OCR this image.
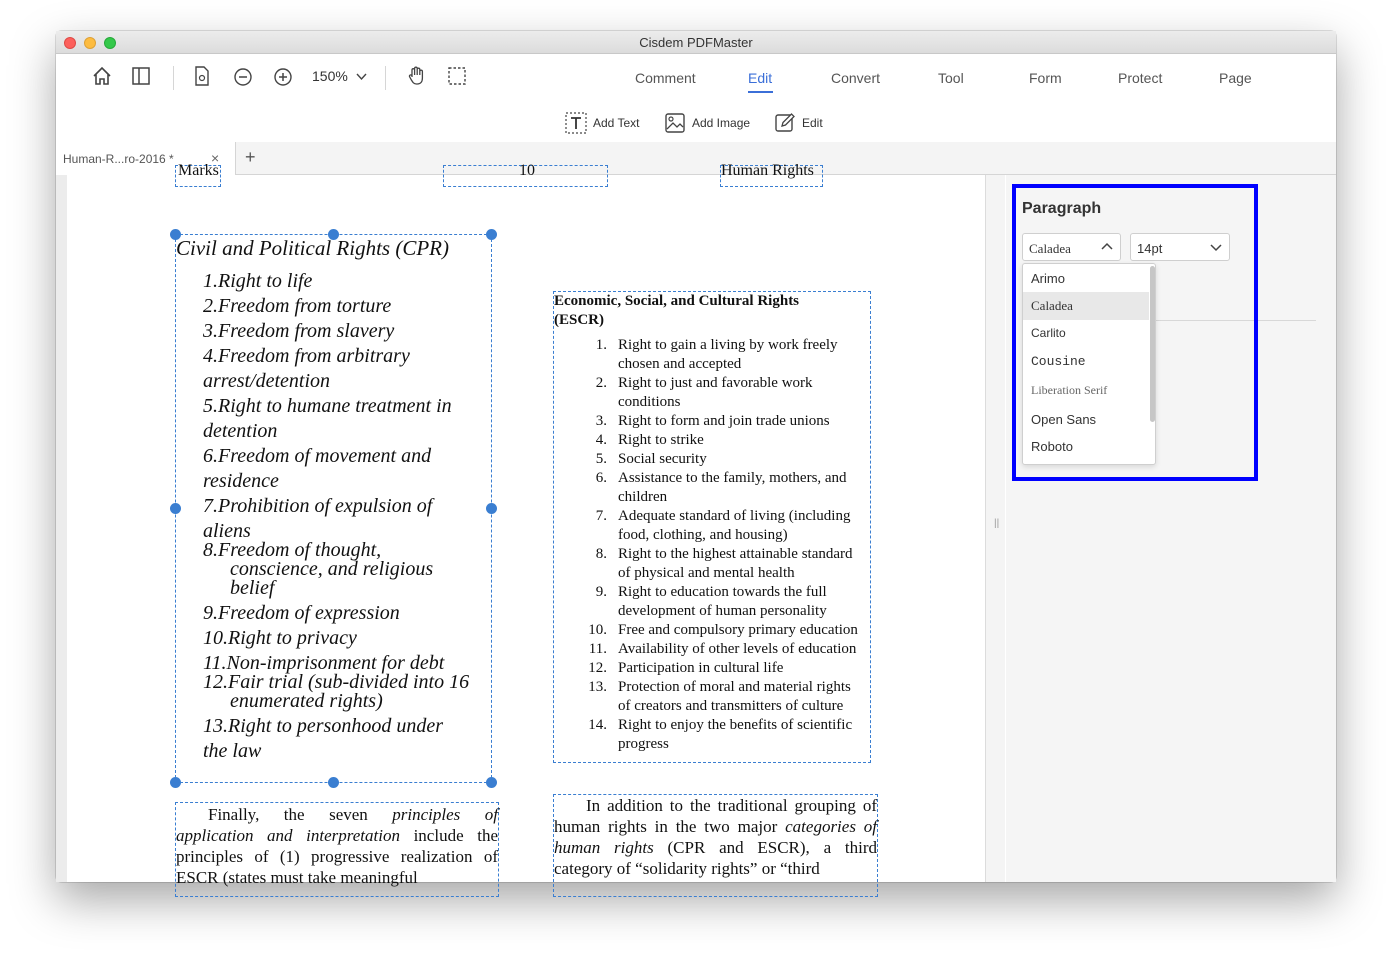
Cisdem PDFMaster
150%	Comment	Edit	Convert	Tool	Form	Protect	Page
Add Text	Add Image	Edit
Human-R...ro-2016 *	× +
Marks	10	Human Rights
Civil and Political Rights (CPR)
1.Right to life
2.Freedom from torture
3.Freedom from slavery
4.Freedom from arbitrary
arrest/detention
5.Right to humane treatment in
detention
6.Freedom of movement and
residence
7.Prohibition of expulsion of
aliens
8.Freedom of thought,
conscience, and religious
belief
9.Freedom of expression
10.Right to privacy
11.Non-imprisonment for debt
12.Fair trial (sub-divided into 16
enumerated rights)
13.Right to personhood under
the law
Economic, Social, and Cultural Rights
(ESCR)
1. Right to gain a living by work freely
chosen and accepted
2. Right to just and favorable work
conditions
3. Right to form and join trade unions
4. Right to strike
5. Social security
6. Assistance to the family, mothers, and
children
7. Adequate standard of living (including
food, clothing, and housing)
8. Right to the highest attainable standard
of physical and mental health
9. Right to education towards the full
development of human personality
10. Free and compulsory primary education
11. Availability of other levels of education
12. Participation in cultural life
13. Protection of moral and material rights
of creators and transmitters of culture
14. Right to enjoy the benefits of scientific
progress
Finally, the seven principles of application and interpretation include the principles of (1) progressive realization of ESCR (states must take meaningful
In addition to the traditional grouping of human rights in the two major categories of human rights (CPR and ESCR), a third category of “solidarity rights” or “third
||
Paragraph
Caladea	14pt
Arimo
Caladea
Carlito
Cousine
Liberation Serif
Open Sans
Roboto
